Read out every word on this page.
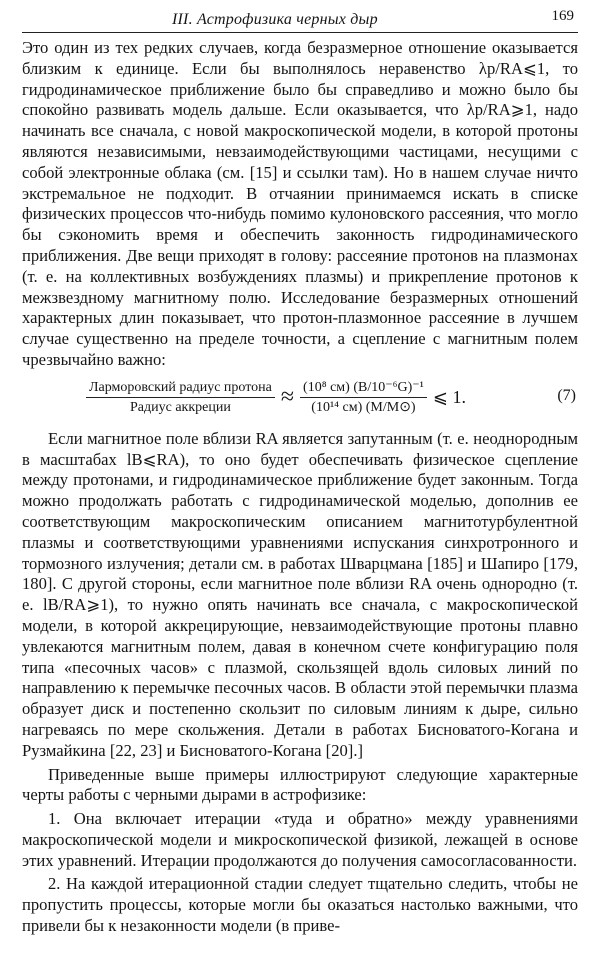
III. Астрофизика черных дыр	169

Это один из тех редких случаев, когда безразмерное отношение оказывается близким к единице. Если бы выполнялось неравенство λp/RA⩽1, то гидродинамическое приближение было бы справедливо и можно было бы спокойно развивать модель дальше. Если оказывается, что λp/RA⩾1, надо начинать все сначала, с новой макроскопической модели, в которой протоны являются независимыми, невзаимодействующими частицами, несущими с собой электронные облака (см. [15] и ссылки там). Но в нашем случае ничто экстремальное не подходит. В отчаянии принимаемся искать в списке физических процессов что-нибудь помимо кулоновского рассеяния, что могло бы сэкономить время и обеспечить законность гидродинамического приближения. Две вещи приходят в голову: рассеяние протонов на плазмонах (т. е. на коллективных возбуждениях плазмы) и прикрепление протонов к межзвездному магнитному полю. Исследование безразмерных отношений характерных длин показывает, что протон-плазмонное рассеяние в лучшем случае существенно на пределе точности, а сцепление с магнитным полем чрезвычайно важно:

$\frac{\text{Ларморовский радиус протона}}{\text{Радиус аккреции}} \approx \frac{\text{(10⁸ см) (B/10⁻⁶G)⁻¹}}{\text{(10¹⁴ см) (M/M⊙)}}$ ⩽ 1.	(7)

Если магнитное поле вблизи RA является запутанным (т. е. неоднородным в масштабах lB⩽RA), то оно будет обеспечивать физическое сцепление между протонами, и гидродинамическое приближение будет законным. Тогда можно продолжать работать с гидродинамической моделью, дополнив ее соответствующим макроскопическим описанием магнитотурбулентной плазмы и соответствующими уравнениями испускания синхротронного и тормозного излучения; детали см. в работах Шварцмана [185] и Шапиро [179, 180]. С другой стороны, если магнитное поле вблизи RA очень однородно (т. е. lB/RA⩾1), то нужно опять начинать все сначала, с макроскопической модели, в которой аккрецирующие, невзаимодействующие протоны плавно увлекаются магнитным полем, давая в конечном счете конфигурацию поля типа «песочных часов» с плазмой, скользящей вдоль силовых линий по направлению к перемычке песочных часов. В области этой перемычки плазма образует диск и постепенно скользит по силовым линиям к дыре, сильно нагреваясь по мере скольжения. Детали в работах Бисноватого-Когана и Рузмайкина [22, 23] и Бисноватого-Когана [20].]

Приведенные выше примеры иллюстрируют следующие характерные черты работы с черными дырами в астрофизике:

1. Она включает итерации «туда и обратно» между уравнениями макроскопической модели и микроскопической физикой, лежащей в основе этих уравнений. Итерации продолжаются до получения самосогласованности.

2. На каждой итерационной стадии следует тщательно следить, чтобы не пропустить процессы, которые могли бы оказаться настолько важными, что привели бы к незаконности модели (в приве-
